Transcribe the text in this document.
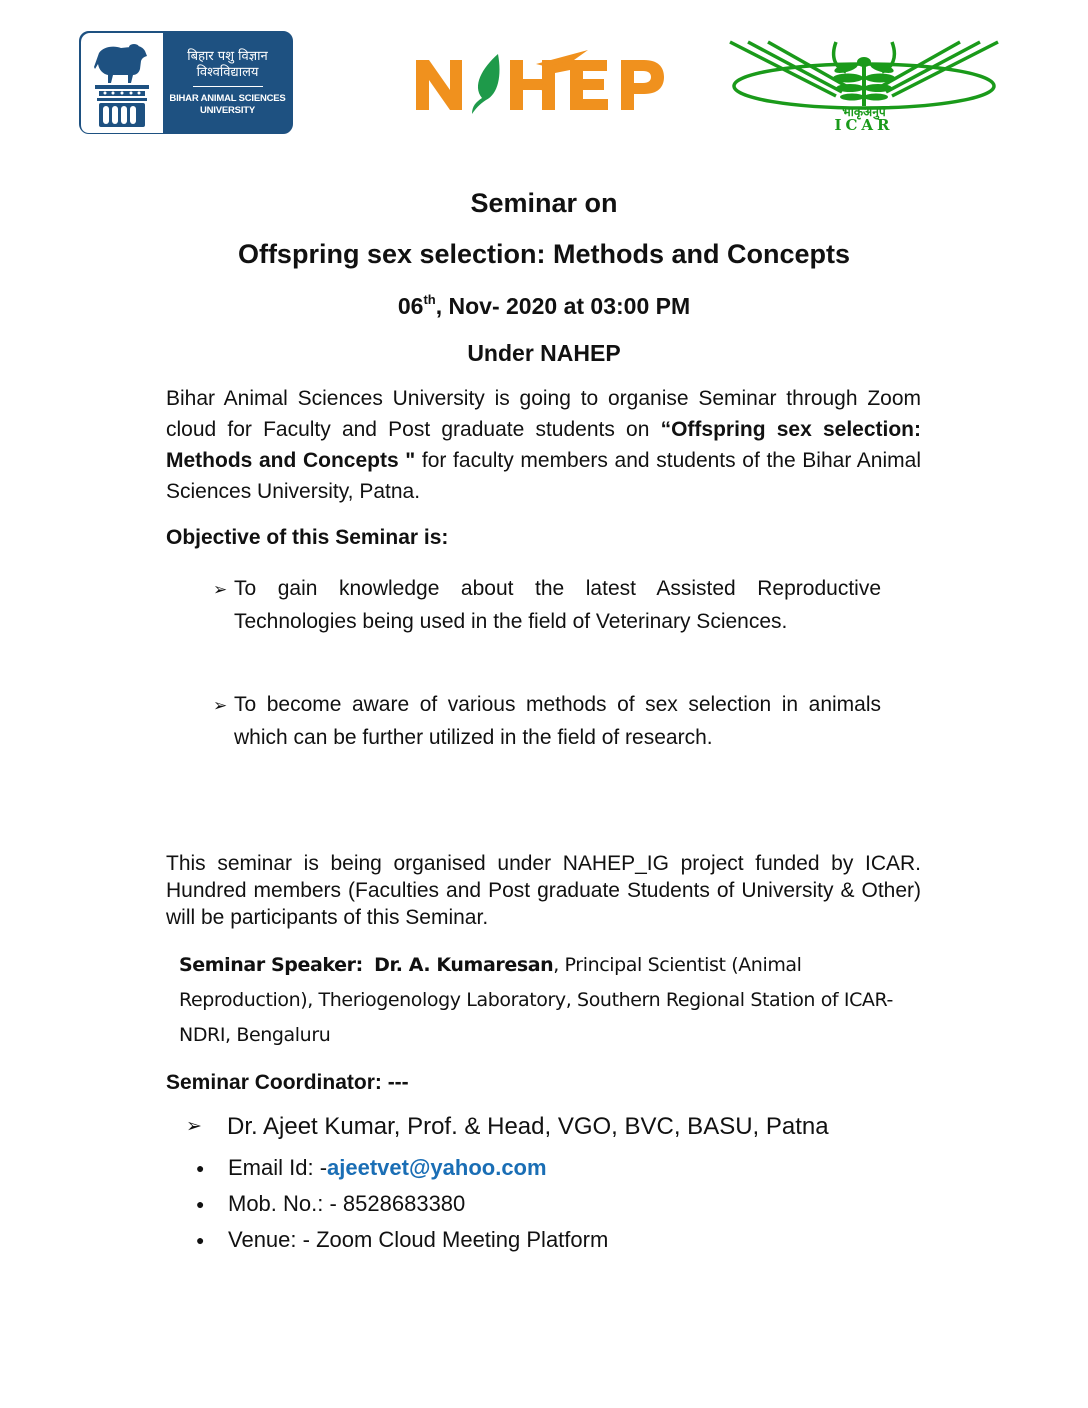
बिहार पशु विज्ञान
विश्वविद्यालय
BIHAR ANIMAL SCIENCES
UNIVERSITY	भाकृअनुप
ICAR
Seminar on
Offspring sex selection: Methods and Concepts
06th, Nov- 2020 at 03:00 PM
Under NAHEP
Bihar Animal Sciences University is going to organise Seminar through Zoom cloud for Faculty and Post graduate students on “Offspring sex selection: Methods and Concepts " for faculty members and students of the Bihar Animal Sciences University, Patna.
Objective of this Seminar is:
➢ To gain knowledge about the latest Assisted Reproductive Technologies being used in the field of Veterinary Sciences.
➢ To become aware of various methods of sex selection in animals which can be further utilized in the field of research.
This seminar is being organised under NAHEP_IG project funded by ICAR. Hundred members (Faculties and Post graduate Students of University & Other) will be participants of this Seminar.
Seminar Speaker: Dr. A. Kumaresan, Principal Scientist (Animal Reproduction), Theriogenology Laboratory, Southern Regional Station of ICAR- NDRI, Bengaluru
Seminar Coordinator: ---
➢	Dr. Ajeet Kumar, Prof. & Head, VGO, BVC, BASU, Patna
●	Email Id: - ajeetvet@yahoo.com
●	Mob. No.: - 8528683380
●	Venue: - Zoom Cloud Meeting Platform
